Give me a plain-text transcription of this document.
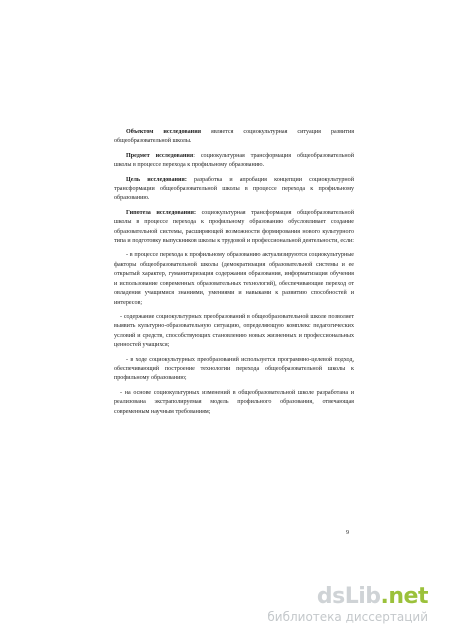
Объектом исследования является социокультурная ситуация развития общеобразовательной школы.

Предмет исследования: социокультурная трансформация общеобразовательной школы в процессе перехода к профильному образованию.

Цель исследования: разработка и апробация концепции социокультурной трансформации общеобразовательной школы в процессе перехода к профильному образованию.

Гипотеза исследования: социокультурная трансформация общеобразовательной школы в процессе перехода к профильному образованию обусловливает создание образовательной системы, расширяющей возможности формирования нового культурного типа и подготовку выпускников школы к трудовой и профессиональной деятельности, если:

- в процессе перехода к профильному образованию актуализируются социокультурные факторы общеобразовательной школы (демократизация образовательной системы и ее открытый характер, гуманитаризация содержания образования, информатизация обучения и использование современных образовательных технологий), обеспечивающие переход от овладения учащимися знаниями, умениями и навыками к развитию способностей и интересов;

- содержание социокультурных преобразований в общеобразовательной школе позволяет выявить культурно-образовательную ситуацию, определяющую комплекс педагогических условий и средств, способствующих становлению новых жизненных и профессиональных ценностей учащихся;

- в ходе социокультурных преобразований используется программно-целевой подход, обеспечивающий построение технологии перехода общеобразовательной школы к профильному образованию;

- на основе социокультурных изменений в общеобразовательной школе разработана и реализована экстраполируемая модель профильного образования, отвечающая современным научным требованиям;

9
dsLib.net
библиотека диссертаций
